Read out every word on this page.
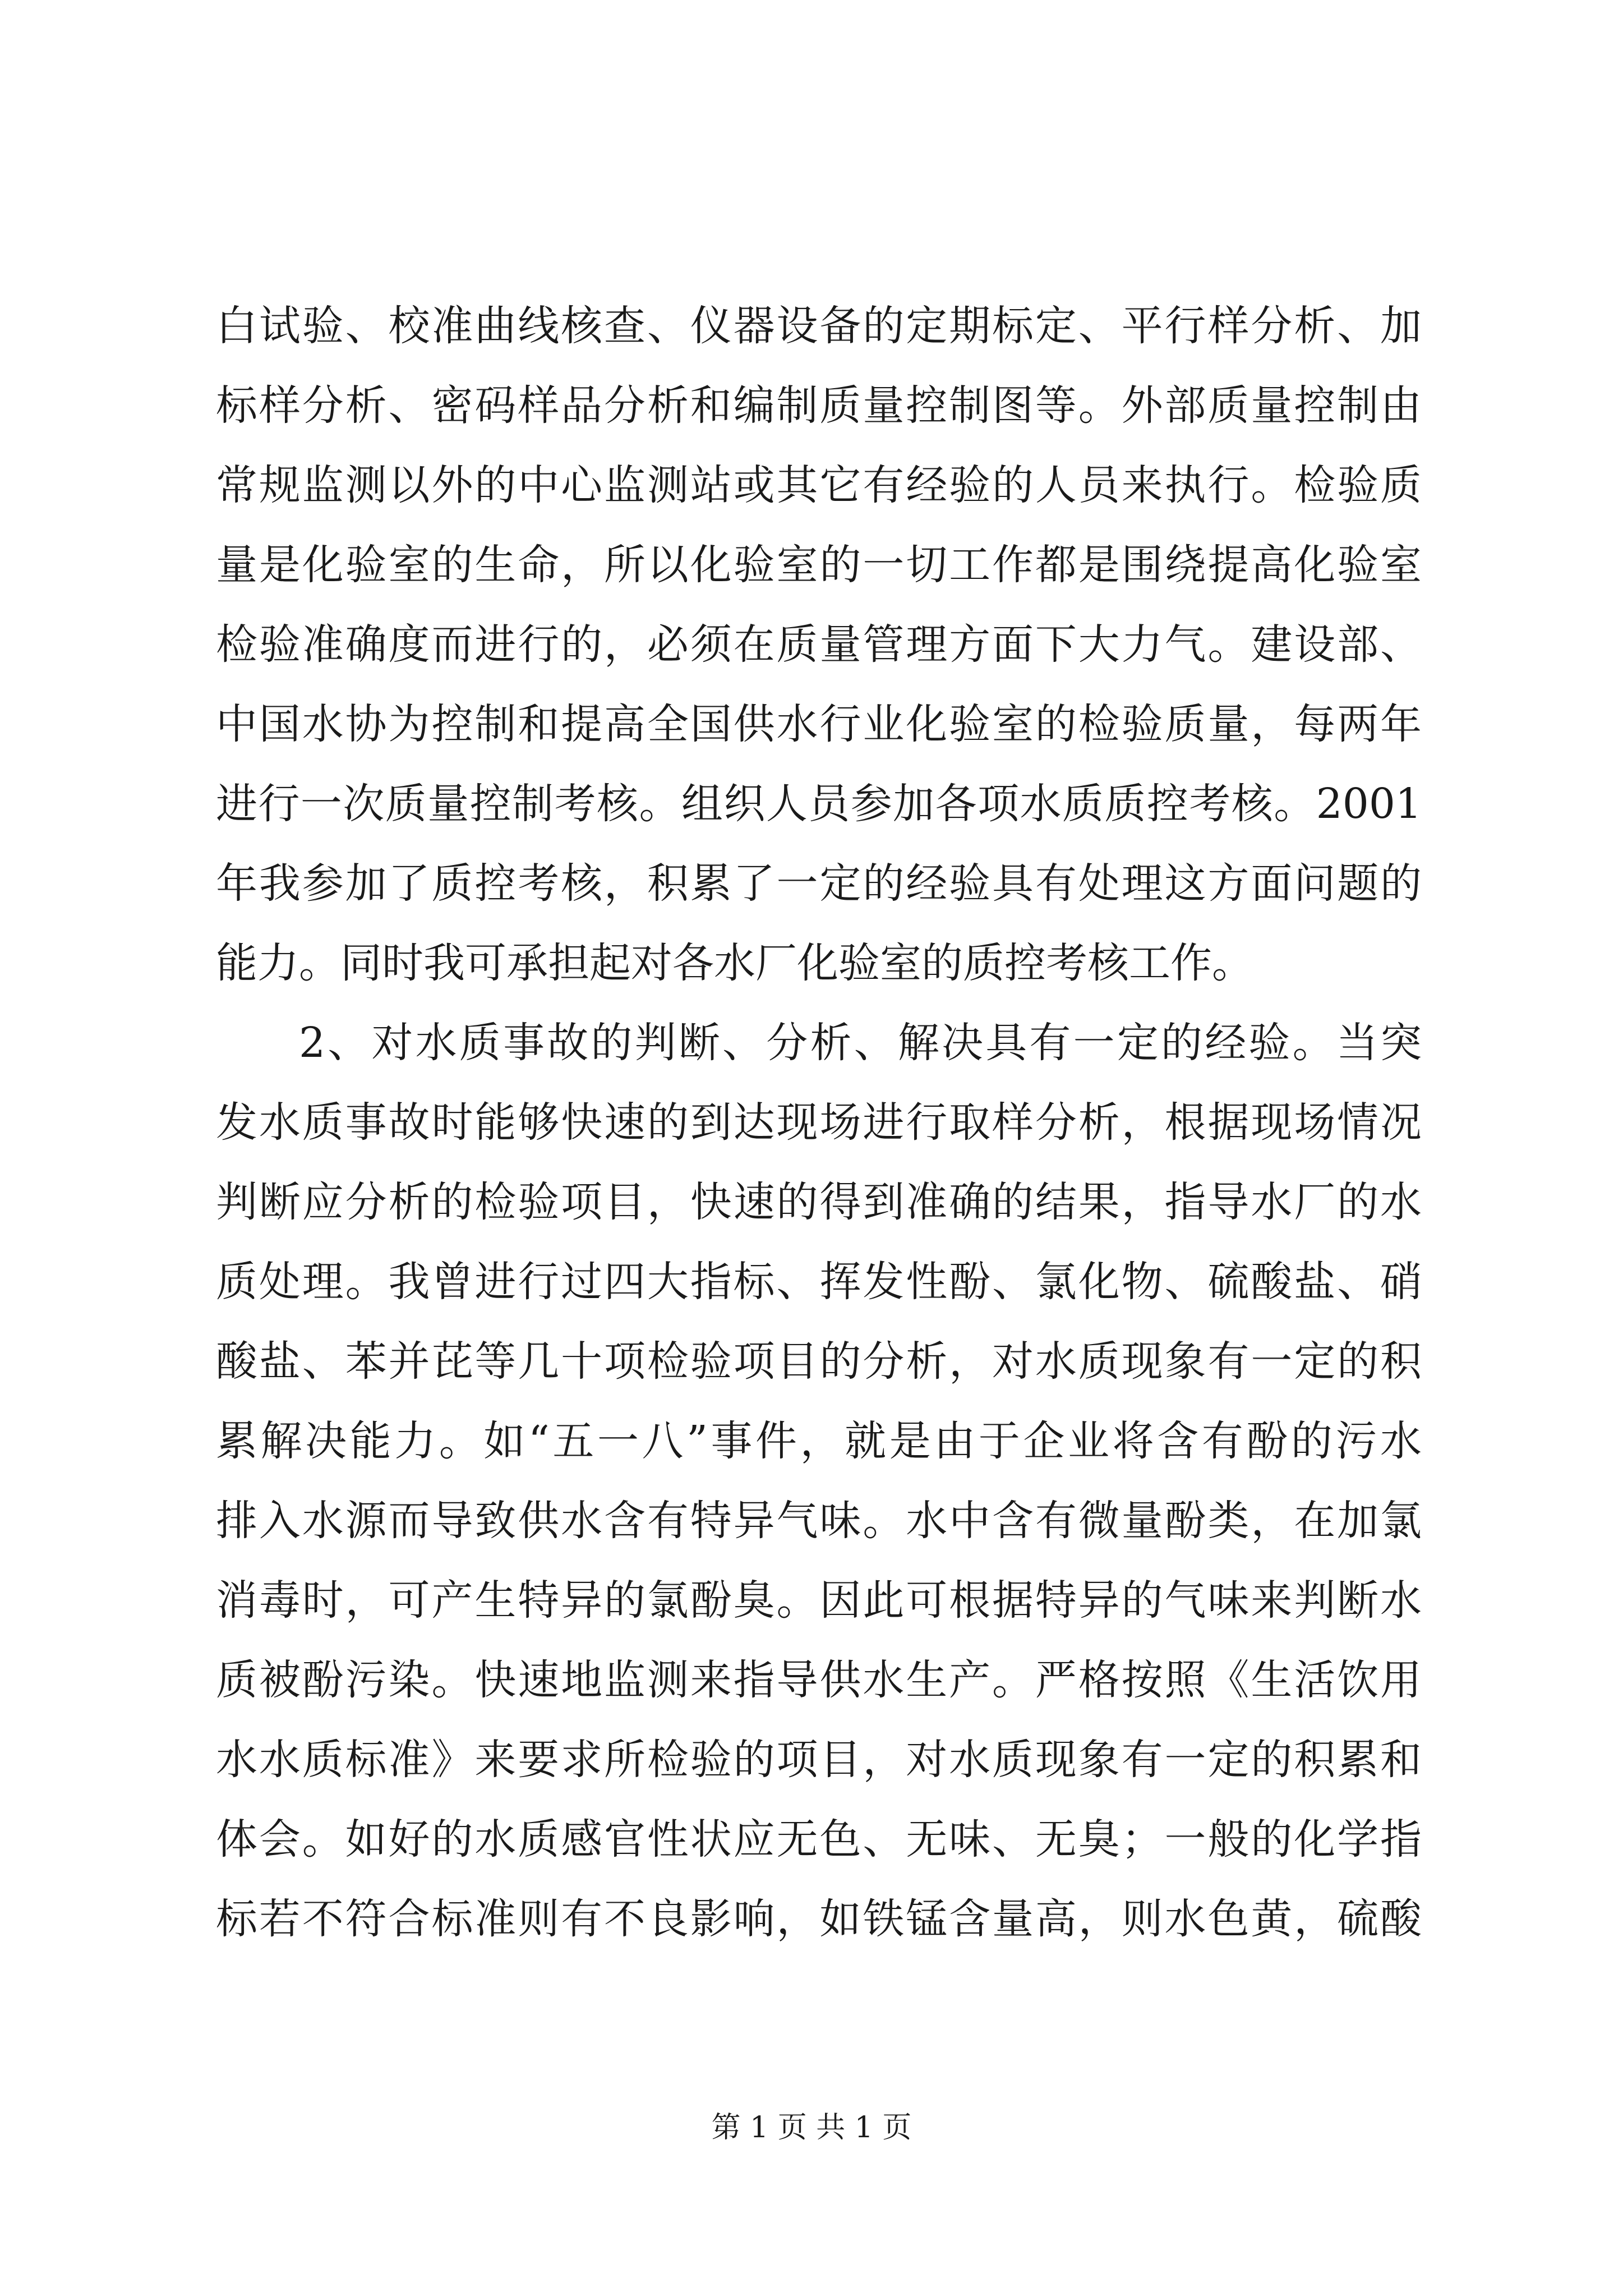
白试验、校准曲线核查、仪器设备的定期标定、平行样分析、加
标样分析、密码样品分析和编制质量控制图等。外部质量控制由
常规监测以外的中心监测站或其它有经验的人员来执行。检验质
量是化验室的生命，所以化验室的一切工作都是围绕提高化验室
检验准确度而进行的，必须在质量管理方面下大力气。建设部、
中国水协为控制和提高全国供水行业化验室的检验质量，每两年
进行一次质量控制考核。组织人员参加各项水质质控考核。2001
年我参加了质控考核，积累了一定的经验具有处理这方面问题的
能力。同时我可承担起对各水厂化验室的质控考核工作。
2、对水质事故的判断、分析、解决具有一定的经验。当突
发水质事故时能够快速的到达现场进行取样分析，根据现场情况
判断应分析的检验项目，快速的得到准确的结果，指导水厂的水
质处理。我曾进行过四大指标、挥发性酚、氯化物、硫酸盐、硝
酸盐、苯并芘等几十项检验项目的分析，对水质现象有一定的积
累解决能力。如“五一八”事件，就是由于企业将含有酚的污水
排入水源而导致供水含有特异气味。水中含有微量酚类，在加氯
消毒时，可产生特异的氯酚臭。因此可根据特异的气味来判断水
质被酚污染。快速地监测来指导供水生产。严格按照《生活饮用
水水质标准》来要求所检验的项目，对水质现象有一定的积累和
体会。如好的水质感官性状应无色、无味、无臭；一般的化学指
标若不符合标准则有不良影响，如铁锰含量高，则水色黄，硫酸
第 1 页 共 1 页
